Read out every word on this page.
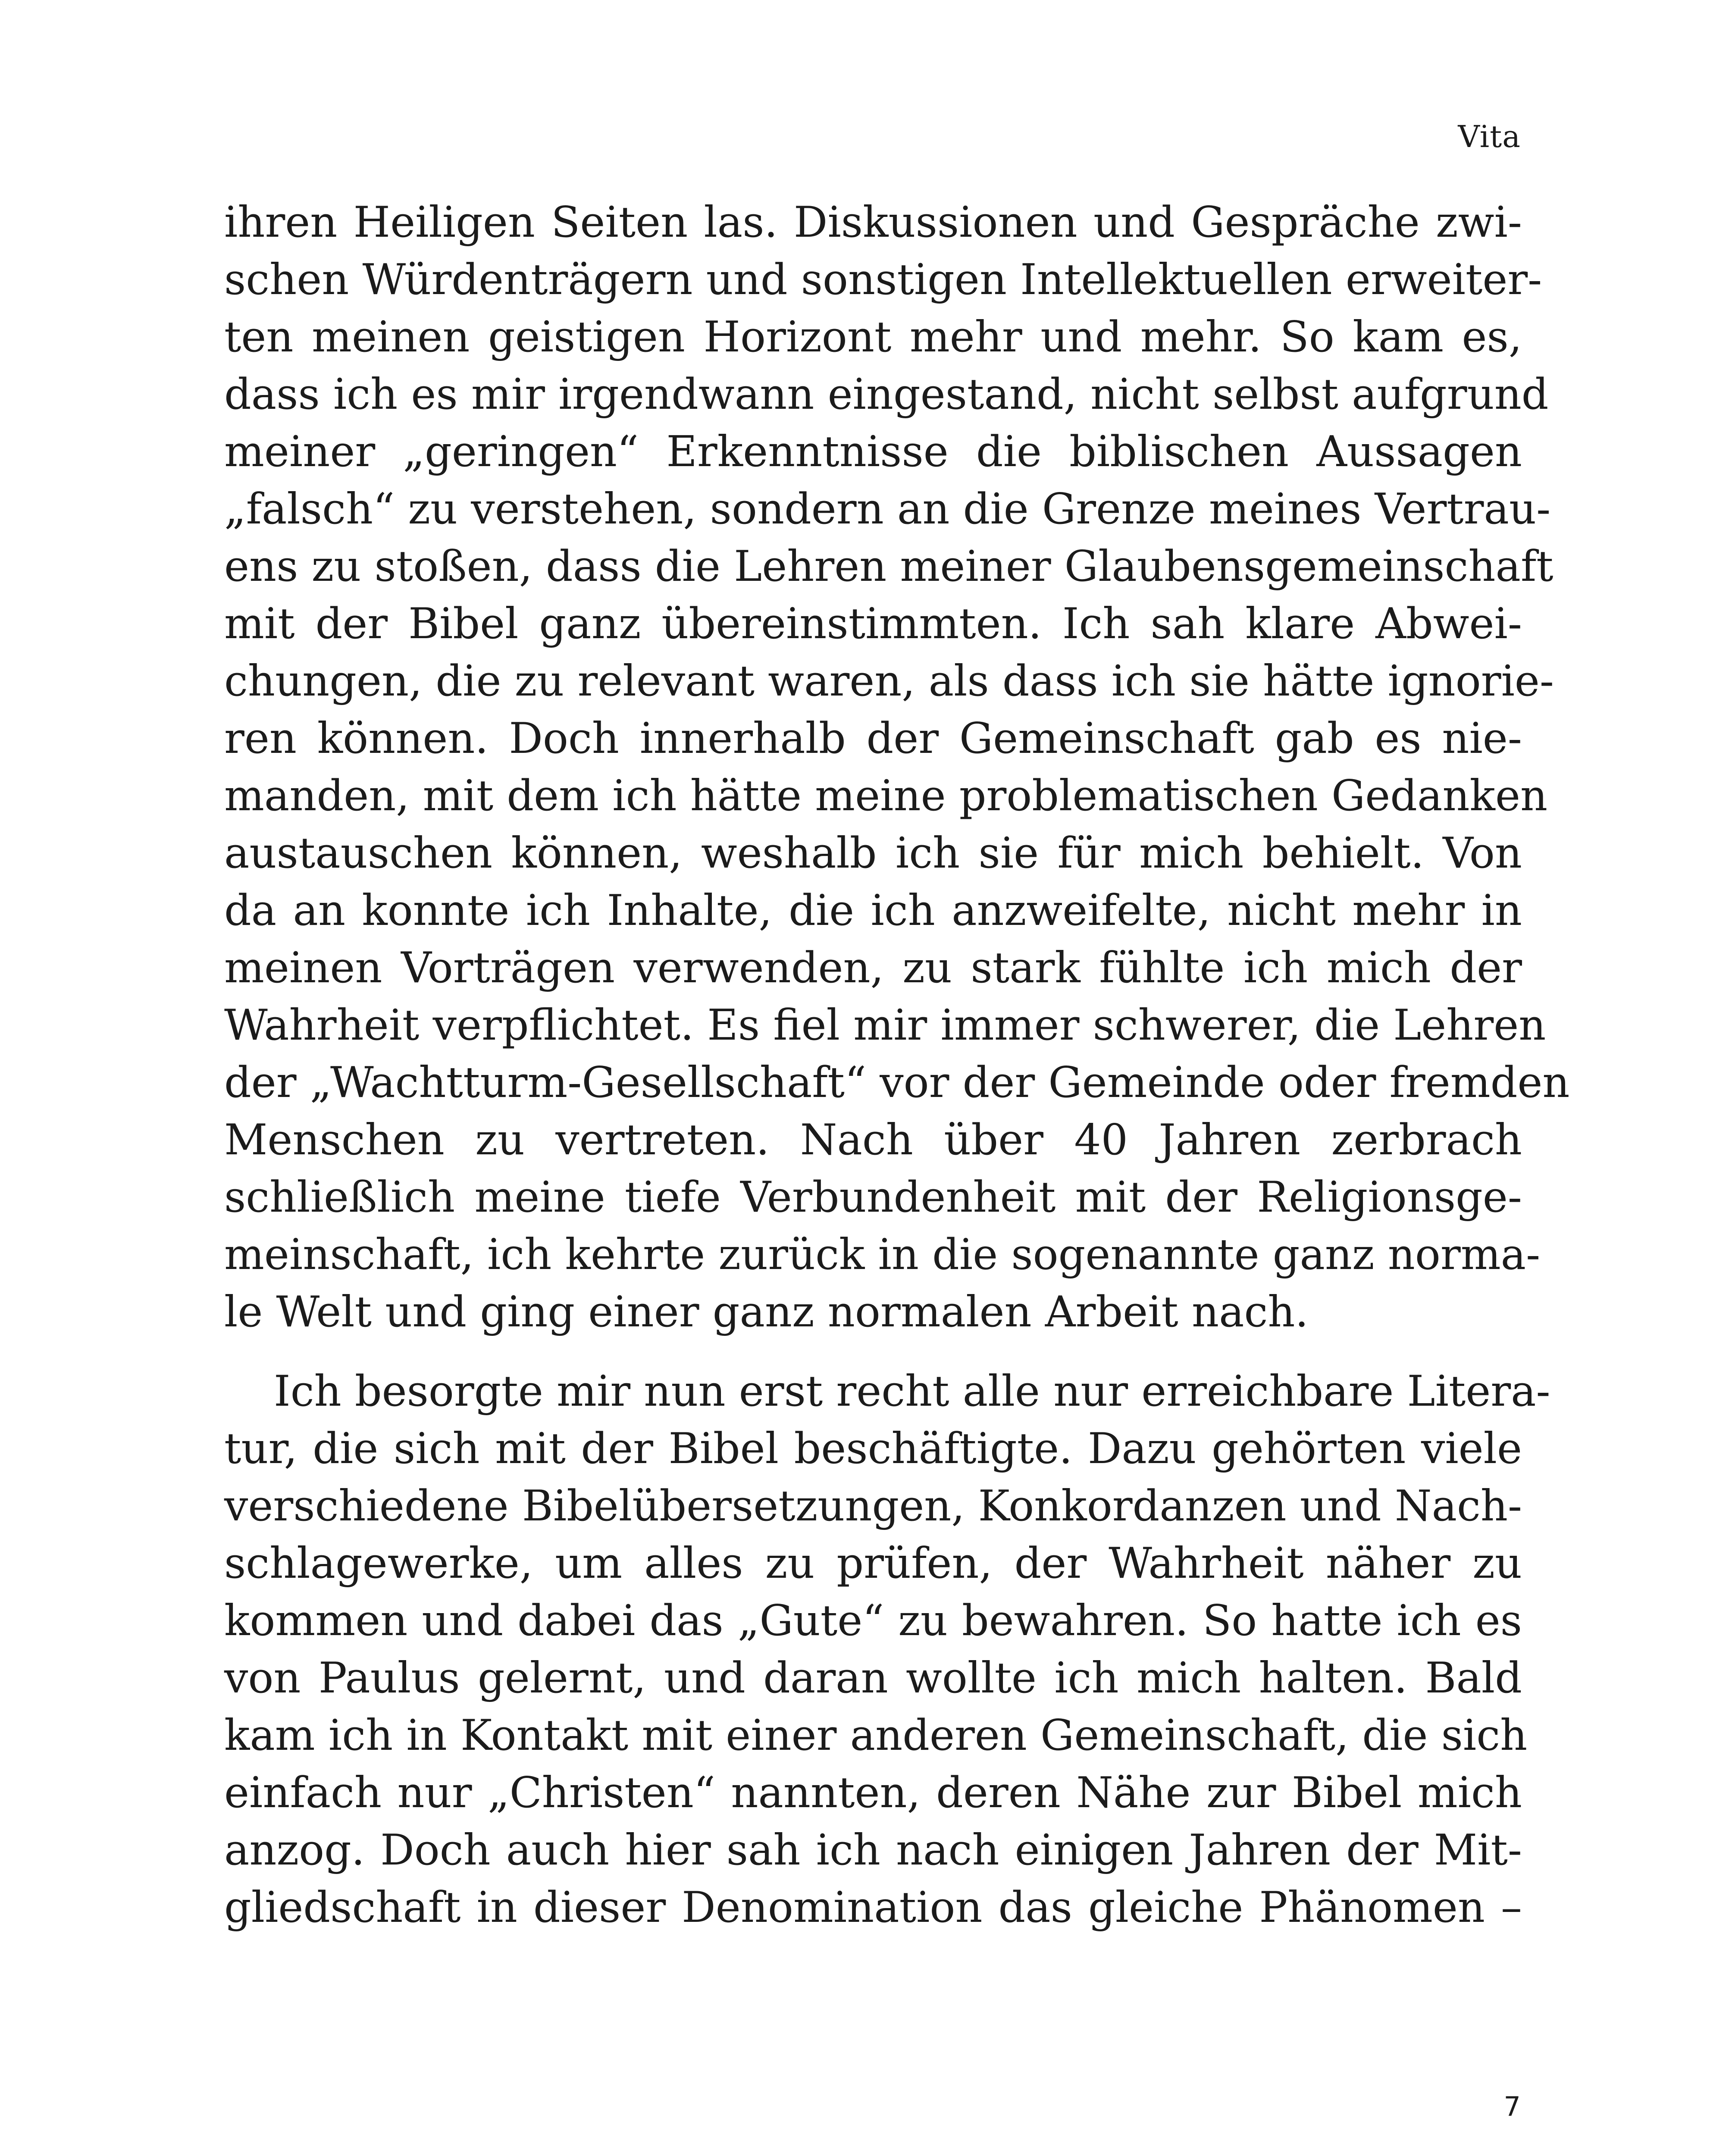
Vita
ihren Heiligen Seiten las. Diskussionen und Gespräche zwi-
schen Würdenträgern und sonstigen Intellektuellen erweiter-
ten meinen geistigen Horizont mehr und mehr. So kam es,
dass ich es mir irgendwann eingestand, nicht selbst aufgrund
meiner „geringen“ Erkenntnisse die biblischen Aussagen
„falsch“ zu verstehen, sondern an die Grenze meines Vertrau-
ens zu stoßen, dass die Lehren meiner Glaubensgemeinschaft
mit der Bibel ganz übereinstimmten. Ich sah klare Abwei-
chungen, die zu relevant waren, als dass ich sie hätte ignorie-
ren können. Doch innerhalb der Gemeinschaft gab es nie-
manden, mit dem ich hätte meine problematischen Gedanken
austauschen können, weshalb ich sie für mich behielt. Von
da an konnte ich Inhalte, die ich anzweifelte, nicht mehr in
meinen Vorträgen verwenden, zu stark fühlte ich mich der
Wahrheit verpflichtet. Es fiel mir immer schwerer, die Lehren
der „Wachtturm-Gesellschaft“ vor der Gemeinde oder fremden
Menschen zu vertreten. Nach über 40 Jahren zerbrach
schließlich meine tiefe Verbundenheit mit der Religionsge-
meinschaft, ich kehrte zurück in die sogenannte ganz norma-
le Welt und ging einer ganz normalen Arbeit nach.
Ich besorgte mir nun erst recht alle nur erreichbare Litera-
tur, die sich mit der Bibel beschäftigte. Dazu gehörten viele
verschiedene Bibelübersetzungen, Konkordanzen und Nach-
schlagewerke, um alles zu prüfen, der Wahrheit näher zu
kommen und dabei das „Gute“ zu bewahren. So hatte ich es
von Paulus gelernt, und daran wollte ich mich halten. Bald
kam ich in Kontakt mit einer anderen Gemeinschaft, die sich
einfach nur „Christen“ nannten, deren Nähe zur Bibel mich
anzog. Doch auch hier sah ich nach einigen Jahren der Mit-
gliedschaft in dieser Denomination das gleiche Phänomen –
7
